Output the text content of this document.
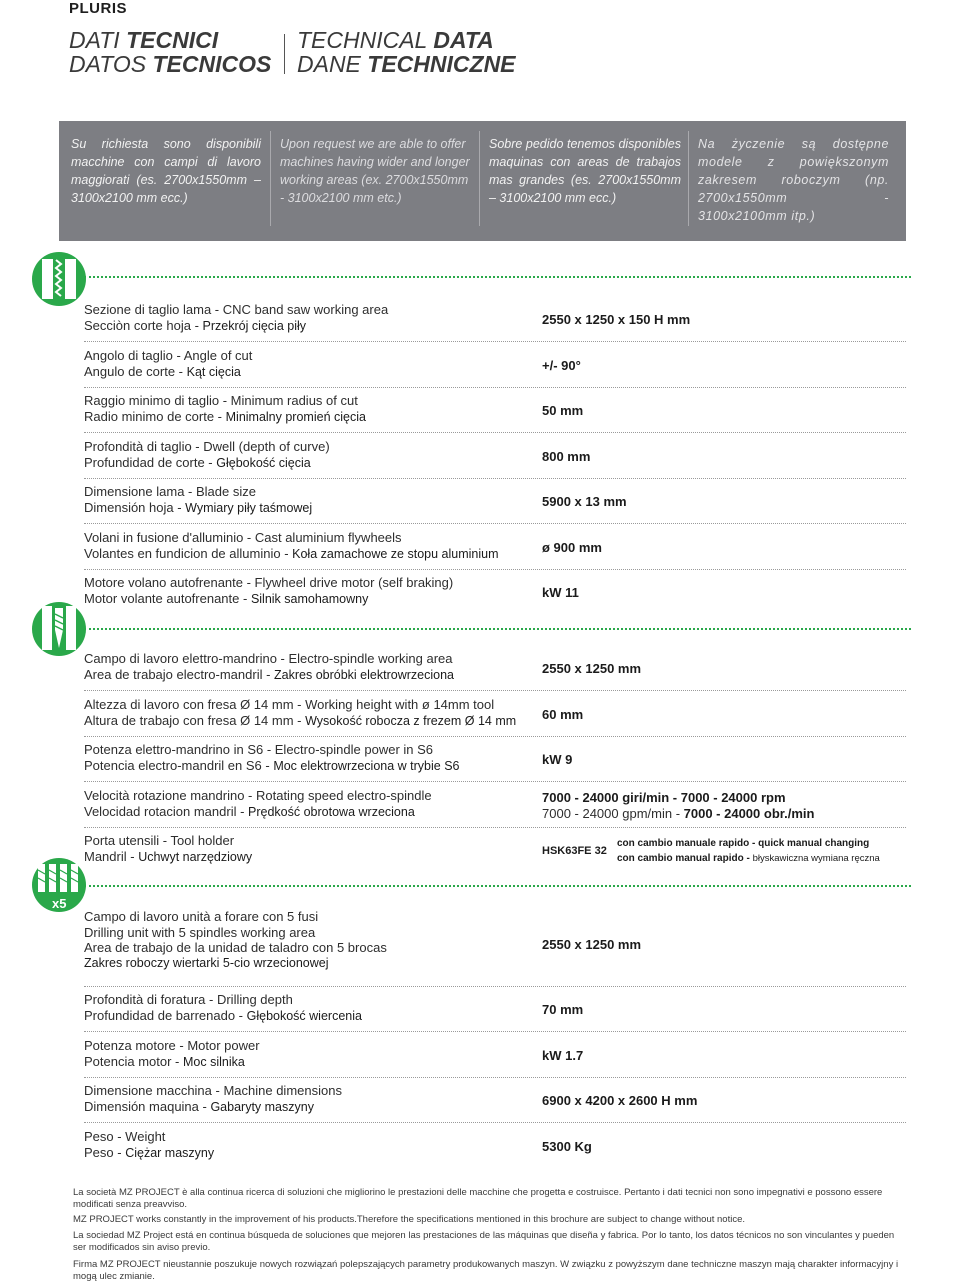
PLURIS
DATI TECNICI
DATOS TECNICOS
TECHNICAL DATA
DANE TECHNICZNE
Su richiesta sono disponibili macchine con campi di lavoro maggiorati (es. 2700x1550mm – 3100x2100 mm ecc.)
Upon request we are able to offer machines having wider and longer working areas (ex. 2700x1550mm - 3100x2100 mm etc.)
Sobre pedido tenemos disponibles maquinas con areas de trabajos mas grandes (es. 2700x1550mm – 3100x2100 mm ecc.)
Na życzenie są dostępne modele z powiększonym zakresem roboczym (np. 2700x1550mm - 3100x2100mm itp.)
Sezione di taglio lama - CNC band saw working area
Secciòn corte hoja - Przekrój cięcia piły	2550 x 1250 x 150 H mm
Angolo di taglio - Angle of cut
Angulo de corte - Kąt cięcia	+/- 90°
Raggio minimo di taglio - Minimum radius of cut
Radio minimo de corte - Minimalny promień cięcia	50 mm
Profondità di taglio - Dwell (depth of curve)
Profundidad de corte - Głębokość cięcia	800 mm
Dimensione lama - Blade size
Dimensión hoja - Wymiary piły taśmowej	5900 x 13 mm
Volani in fusione d'alluminio - Cast aluminium flywheels
Volantes en fundicion de alluminio - Koła zamachowe ze stopu aluminium	ø 900 mm
Motore volano autofrenante - Flywheel drive motor (self braking)
Motor volante autofrenante - Silnik samohamowny	kW 11
Campo di lavoro elettro-mandrino - Electro-spindle working area
Area de trabajo electro-mandril - Zakres obróbki elektrowrzeciona	2550 x 1250 mm
Altezza di lavoro con fresa Ø 14 mm - Working height with ø 14mm tool
Altura de trabajo con fresa Ø 14 mm - Wysokość robocza z frezem Ø 14 mm 60 mm
Potenza elettro-mandrino in S6 - Electro-spindle power in S6
Potencia electro-mandril en S6 - Moc elektrowrzeciona w trybie S6	kW 9
Velocità rotazione mandrino - Rotating speed electro-spindle
Velocidad rotacion mandril - Prędkość obrotowa wrzeciona
7000 - 24000 giri/min - 7000 - 24000 rpm
7000 - 24000 gpm/min - 7000 - 24000 obr./min
Porta utensili - Tool holder
Mandril - Uchwyt narzędziowy	HSK63FE 32
con cambio manuale rapido - quick manual changing
con cambio manual rapido - błyskawiczna wymiana ręczna
x5
Campo di lavoro unità a forare con 5 fusi
Drilling unit with 5 spindles working area
Area de trabajo de la unidad de taladro con 5 brocas
Zakres roboczy wiertarki 5-cio wrzecionowej
2550 x 1250 mm
Profondità di foratura - Drilling depth
Profundidad de barrenado - Głębokość wiercenia	70 mm
Potenza motore - Motor power
Potencia motor - Moc silnika	kW 1.7
Dimensione macchina - Machine dimensions
Dimensión maquina - Gabaryty maszyny	6900 x 4200 x 2600 H mm
Peso - Weight
Peso - Ciężar maszyny	5300 Kg
La società MZ PROJECT è alla continua ricerca di soluzioni che migliorino le prestazioni delle macchine che progetta e costruisce. Pertanto i dati tecnici non sono impegnativi e possono essere modificati senza preavviso.
MZ PROJECT works constantly in the improvement of his products.Therefore the specifications mentioned in this brochure are subject to change without notice.
La sociedad MZ Project está en continua búsqueda de soluciones que mejoren las prestaciones de las máquinas que diseña y fabrica. Por lo tanto, los datos técnicos no son vinculantes y pueden ser modificados sin aviso previo.
Firma MZ PROJECT nieustannie poszukuje nowych rozwiązań polepszających parametry produkowanych maszyn. W związku z powyższym dane techniczne maszyn mają charakter informacyjny i mogą ulec zmianie.
